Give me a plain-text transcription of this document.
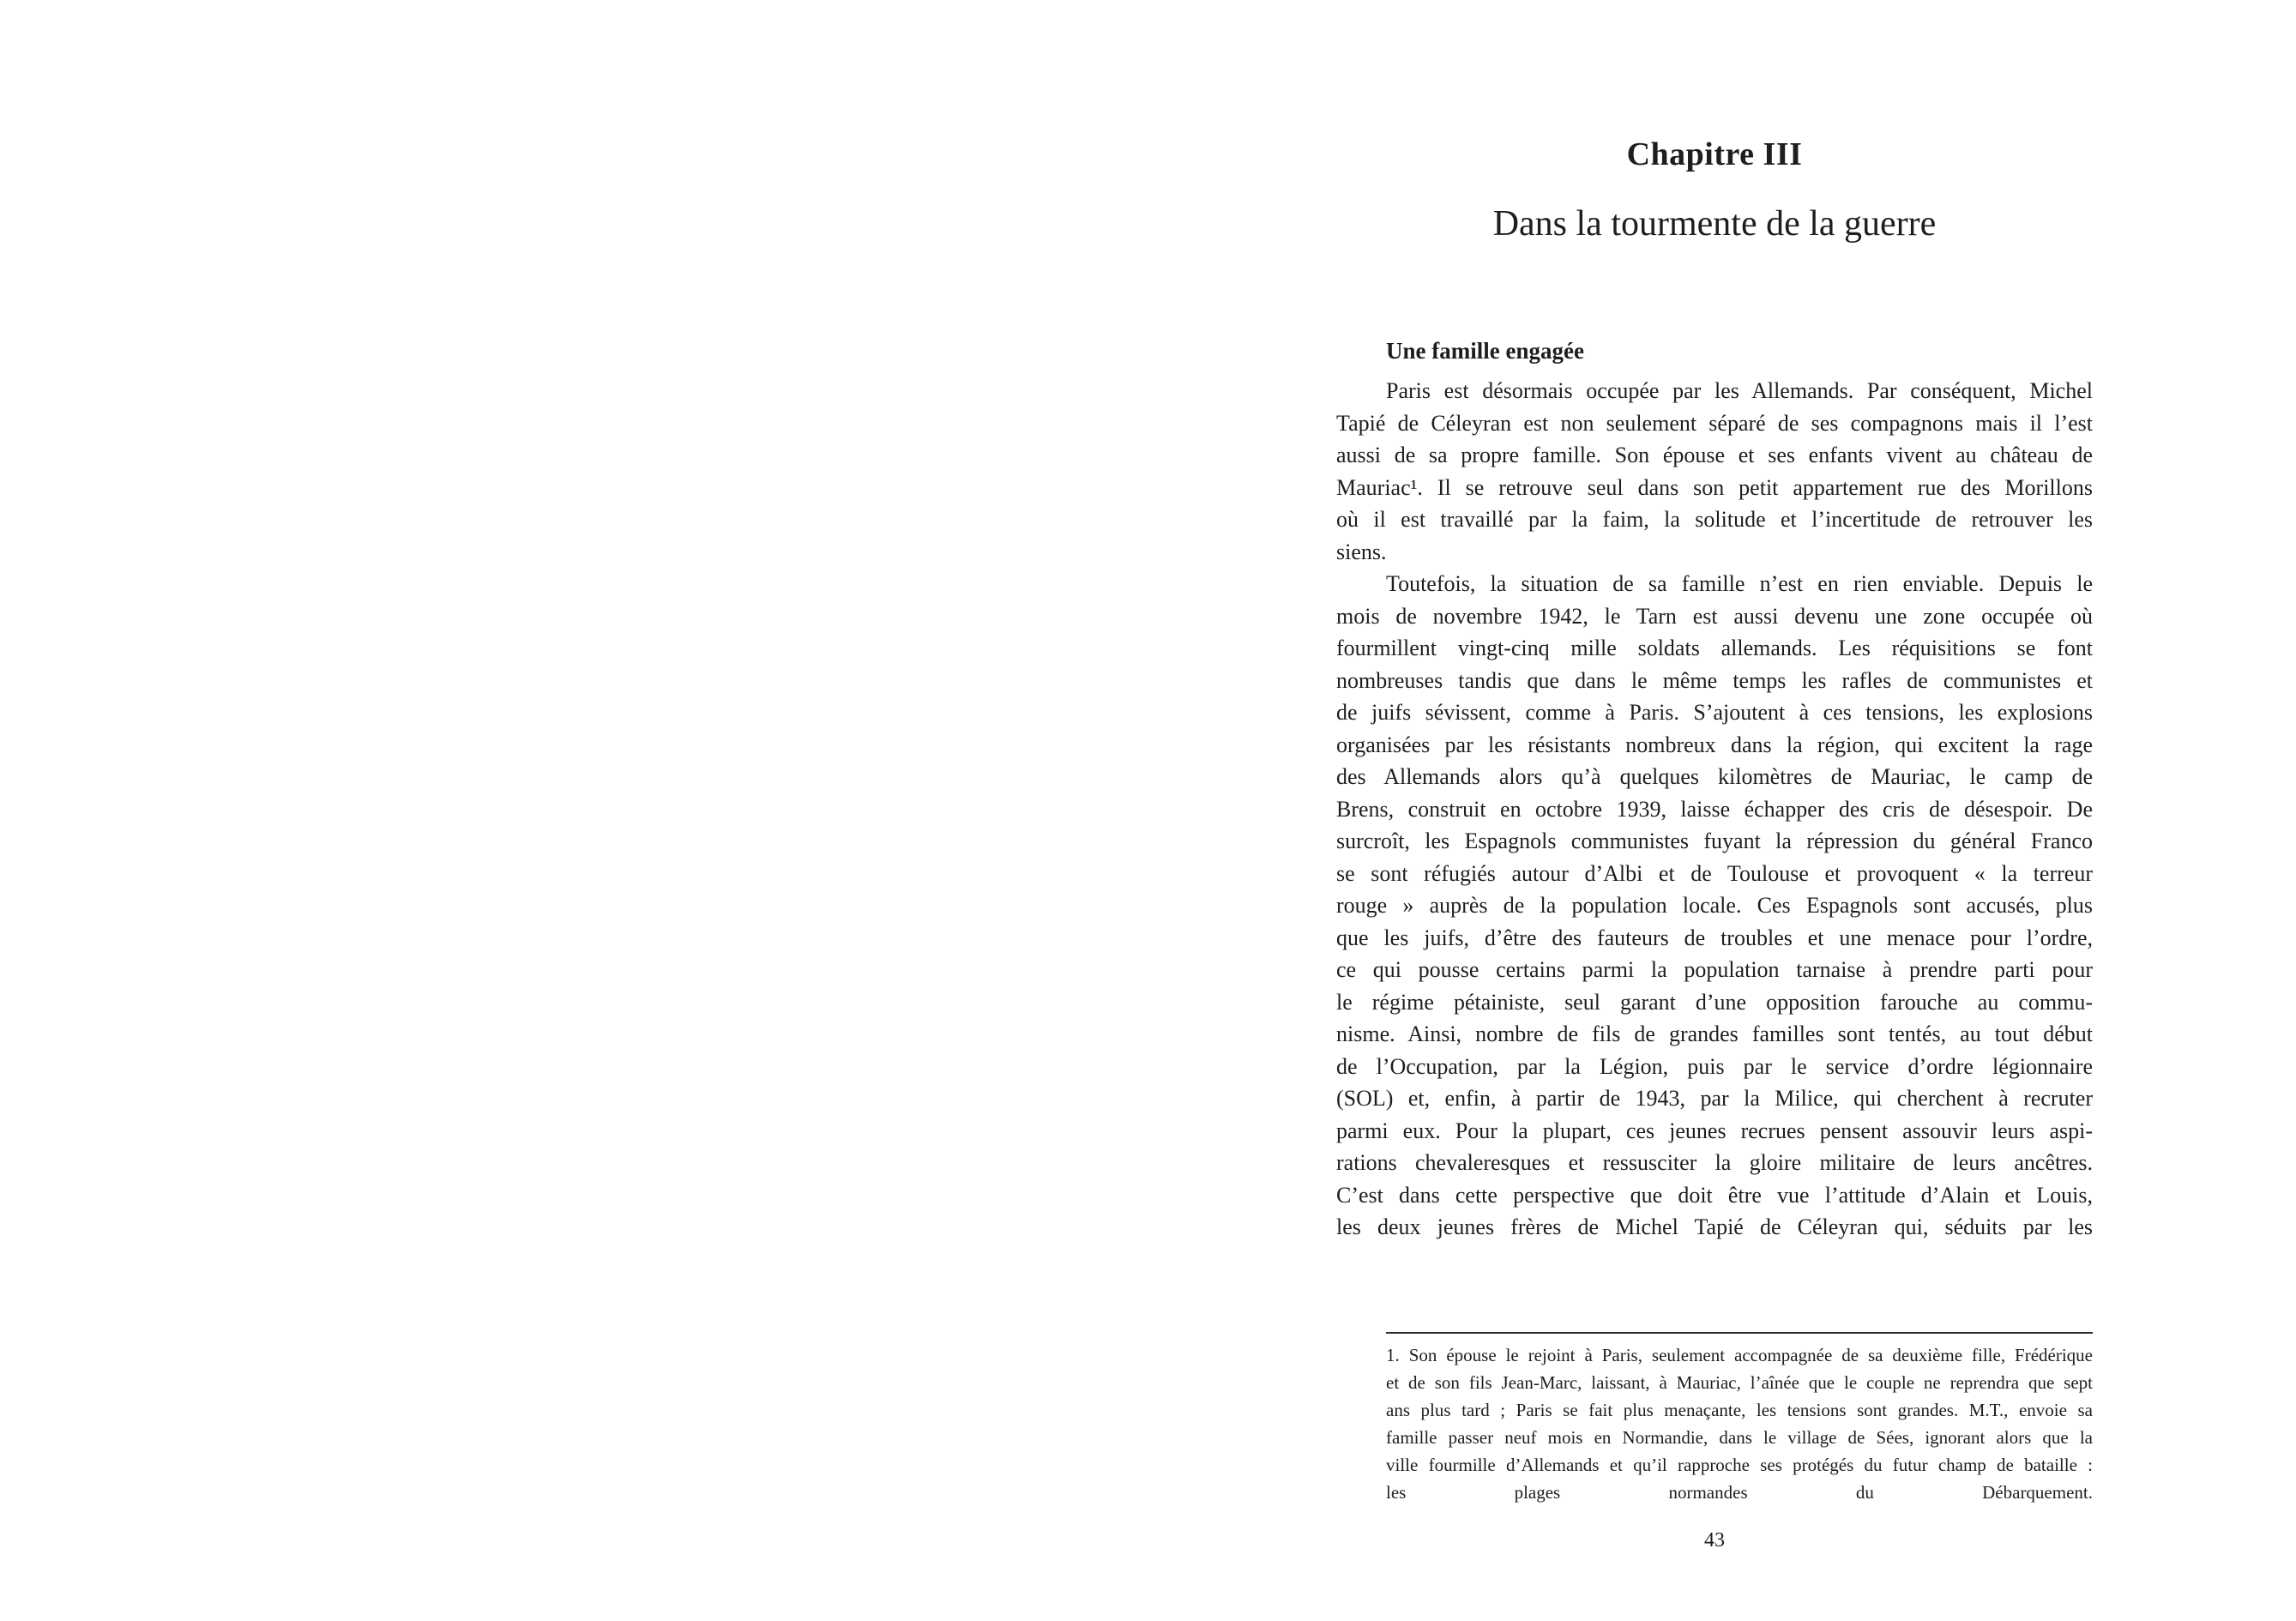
Chapitre III
Dans la tourmente de la guerre
Une famille engagée
Paris est désormais occupée par les Allemands. Par conséquent, Michel
Tapié de Céleyran est non seulement séparé de ses compagnons mais il l’est
aussi de sa propre famille. Son épouse et ses enfants vivent au château de
Mauriac¹. Il se retrouve seul dans son petit appartement rue des Morillons
où il est travaillé par la faim, la solitude et l’incertitude de retrouver les
siens.
Toutefois, la situation de sa famille n’est en rien enviable. Depuis le
mois de novembre 1942, le Tarn est aussi devenu une zone occupée où
fourmillent vingt-cinq mille soldats allemands. Les réquisitions se font
nombreuses tandis que dans le même temps les rafles de communistes et
de juifs sévissent, comme à Paris. S’ajoutent à ces tensions, les explosions
organisées par les résistants nombreux dans la région, qui excitent la rage
des Allemands alors qu’à quelques kilomètres de Mauriac, le camp de
Brens, construit en octobre 1939, laisse échapper des cris de désespoir. De
surcroît, les Espagnols communistes fuyant la répression du général Franco
se sont réfugiés autour d’Albi et de Toulouse et provoquent « la terreur
rouge » auprès de la population locale. Ces Espagnols sont accusés, plus
que les juifs, d’être des fauteurs de troubles et une menace pour l’ordre,
ce qui pousse certains parmi la population tarnaise à prendre parti pour
le régime pétainiste, seul garant d’une opposition farouche au commu-
nisme. Ainsi, nombre de fils de grandes familles sont tentés, au tout début
de l’Occupation, par la Légion, puis par le service d’ordre légionnaire
(SOL) et, enfin, à partir de 1943, par la Milice, qui cherchent à recruter
parmi eux. Pour la plupart, ces jeunes recrues pensent assouvir leurs aspi-
rations chevaleresques et ressusciter la gloire militaire de leurs ancêtres.
C’est dans cette perspective que doit être vue l’attitude d’Alain et Louis,
les deux jeunes frères de Michel Tapié de Céleyran qui, séduits par les
1. Son épouse le rejoint à Paris, seulement accompagnée de sa deuxième fille, Frédérique
et de son fils Jean-Marc, laissant, à Mauriac, l’aînée que le couple ne reprendra que sept
ans plus tard ; Paris se fait plus menaçante, les tensions sont grandes. M.T., envoie sa
famille passer neuf mois en Normandie, dans le village de Sées, ignorant alors que la
ville fourmille d’Allemands et qu’il rapproche ses protégés du futur champ de bataille :
les plages normandes du Débarquement.
43
